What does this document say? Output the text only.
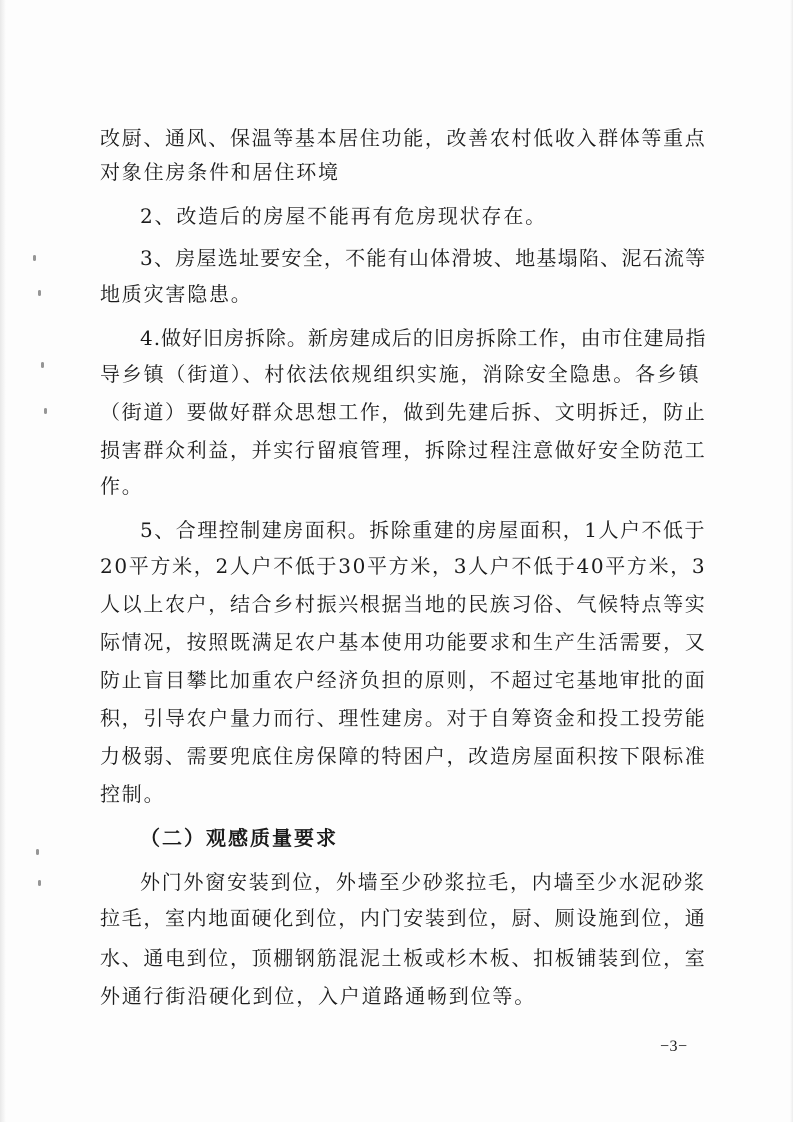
改厨、通风、保温等基本居住功能，改善农村低收入群体等重点
对象住房条件和居住环境
2、改造后的房屋不能再有危房现状存在。
3、房屋选址要安全，不能有山体滑坡、地基塌陷、泥石流等
地质灾害隐患。
4.做好旧房拆除。新房建成后的旧房拆除工作，由市住建局指
导乡镇（街道）、村依法依规组织实施，消除安全隐患。各乡镇
（街道）要做好群众思想工作，做到先建后拆、文明拆迁，防止
损害群众利益，并实行留痕管理，拆除过程注意做好安全防范工
作。
5、合理控制建房面积。拆除重建的房屋面积，1人户不低于
20平方米，2人户不低于30平方米，3人户不低于40平方米，3
人以上农户，结合乡村振兴根据当地的民族习俗、气候特点等实
际情况，按照既满足农户基本使用功能要求和生产生活需要，又
防止盲目攀比加重农户经济负担的原则，不超过宅基地审批的面
积，引导农户量力而行、理性建房。对于自筹资金和投工投劳能
力极弱、需要兜底住房保障的特困户，改造房屋面积按下限标准
控制。
（二）观感质量要求
外门外窗安装到位，外墙至少砂浆拉毛，内墙至少水泥砂浆
拉毛，室内地面硬化到位，内门安装到位，厨、厕设施到位，通
水、通电到位，顶棚钢筋混泥土板或杉木板、扣板铺装到位，室
外通行街沿硬化到位，入户道路通畅到位等。
−3−
